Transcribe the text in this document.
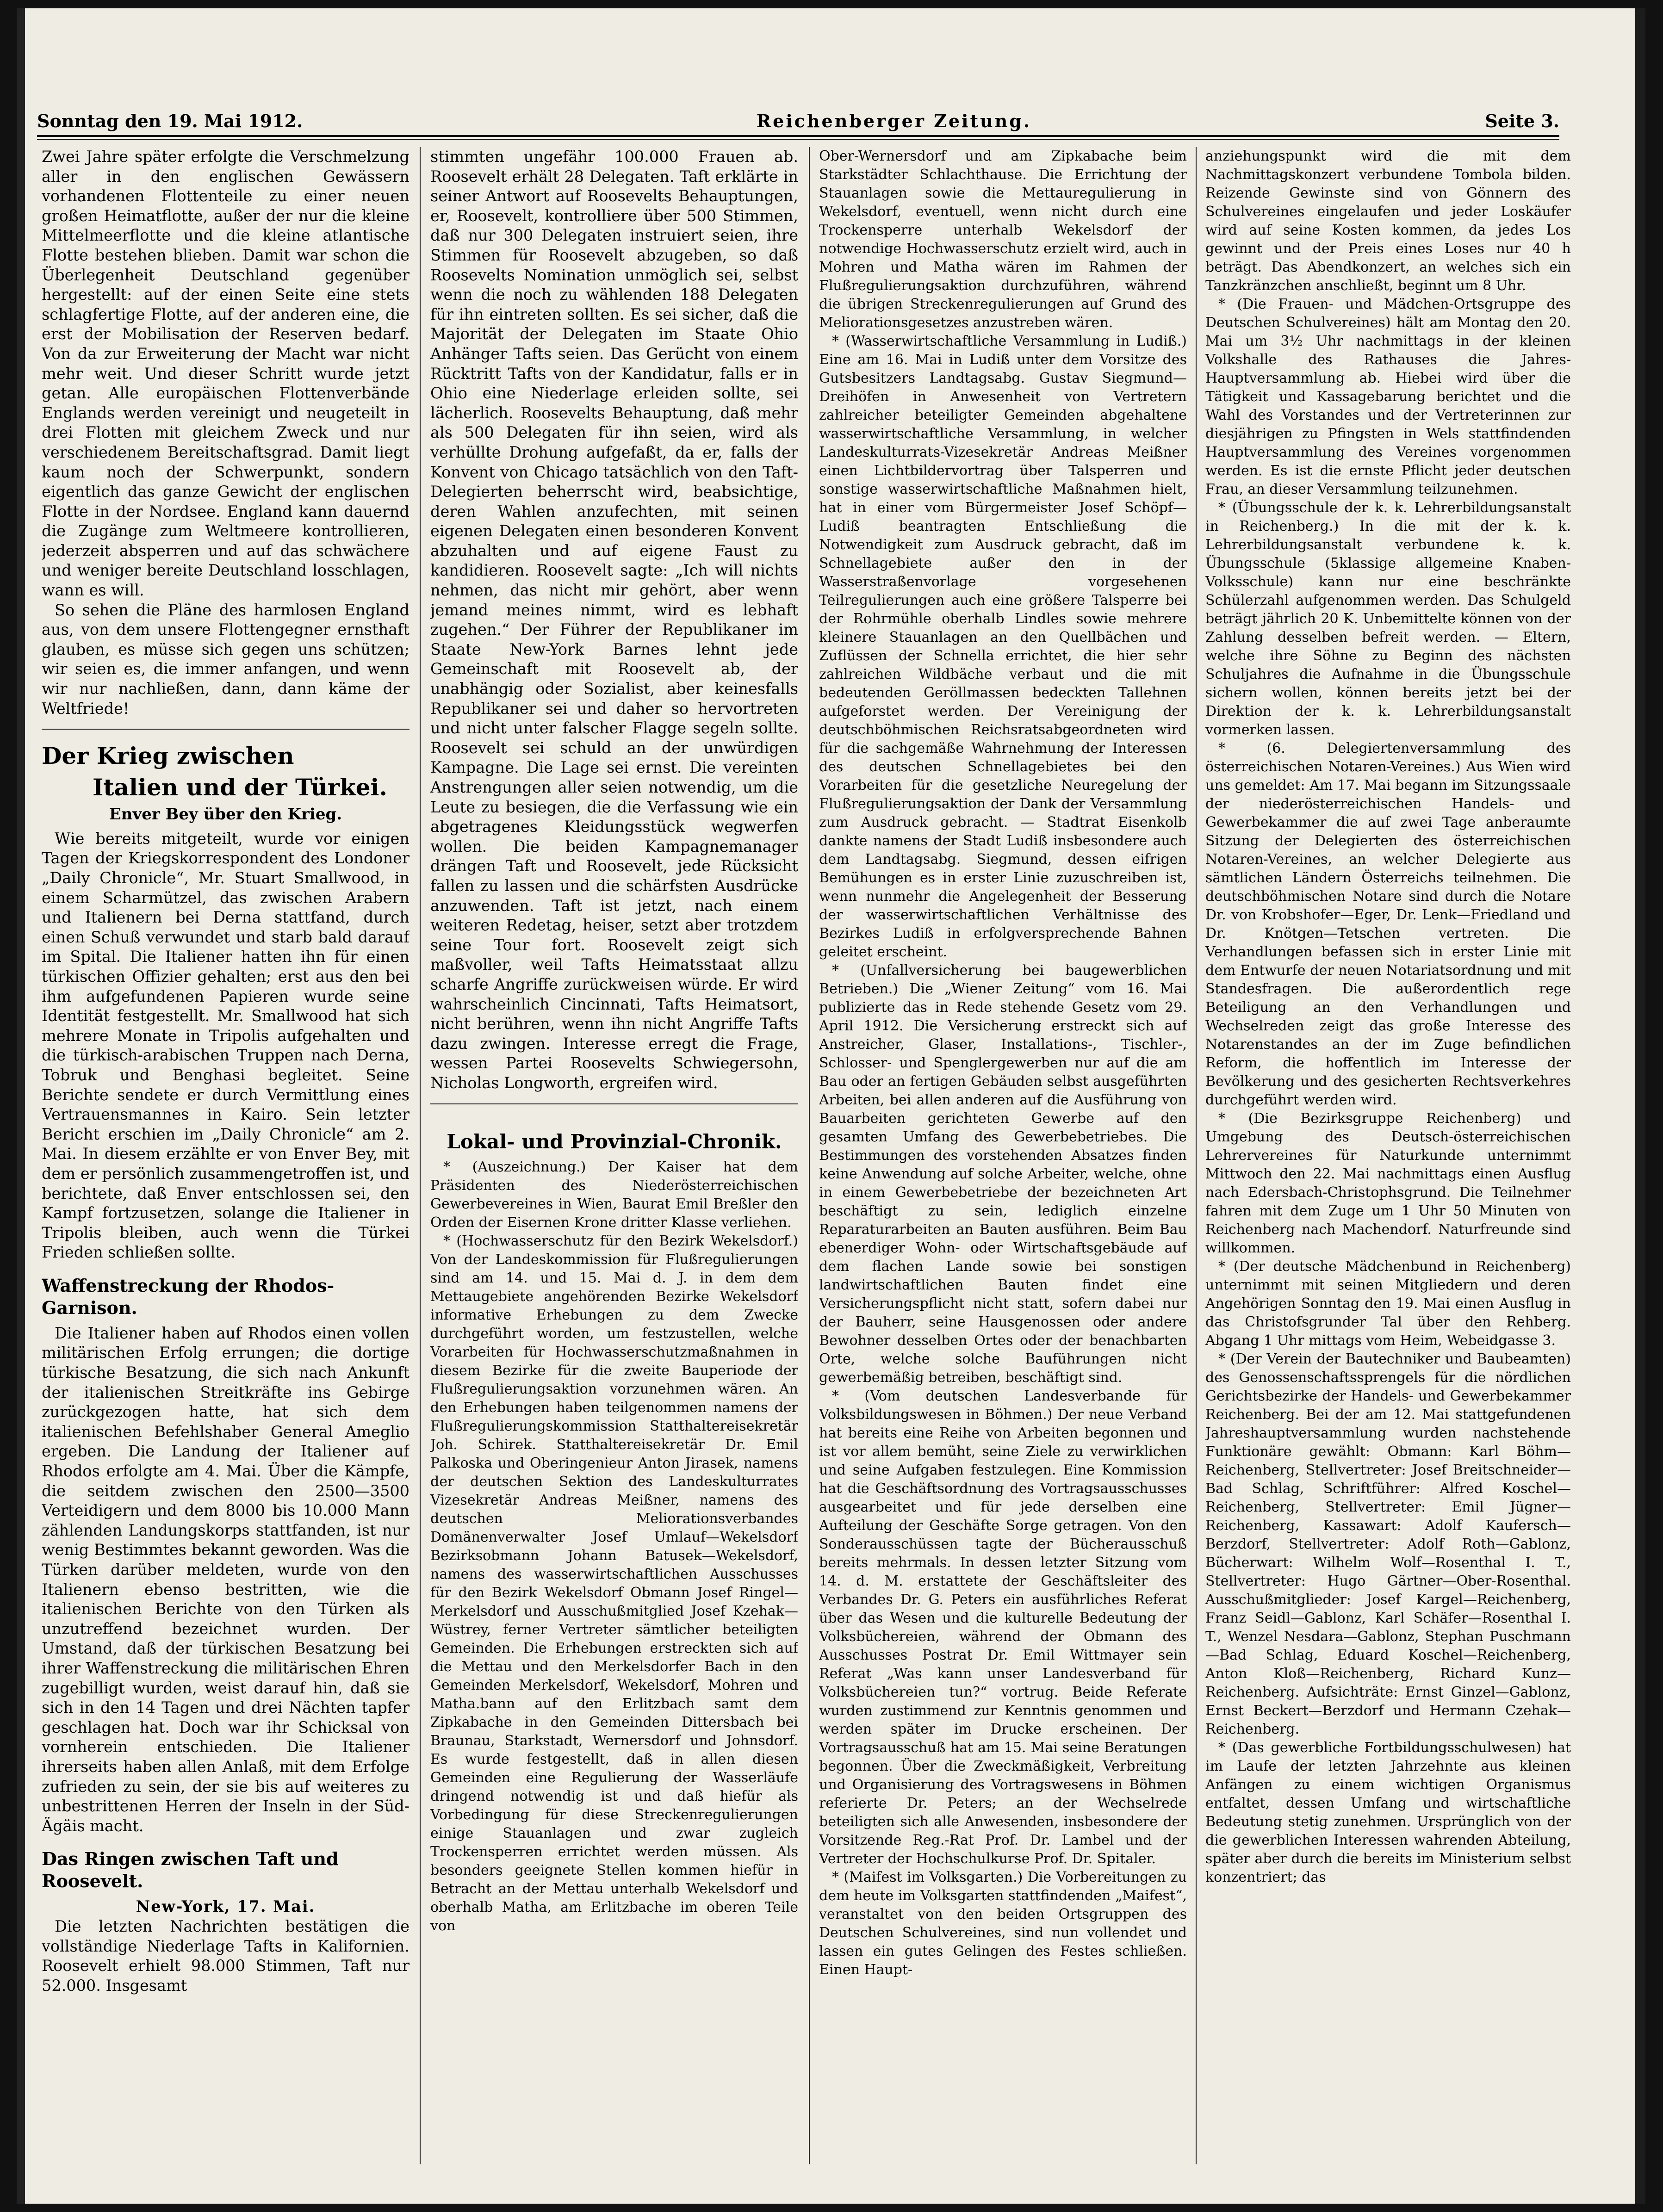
Sonntag den 19. Mai 1912.	Reichenberger Zeitung.	Seite 3.

Zwei Jahre später erfolgte die Verschmelzung aller in den englischen Gewässern vorhandenen Flottenteile zu einer neuen großen Heimatflotte, außer der nur die kleine Mittelmeerflotte und die kleine atlantische Flotte bestehen blieben. Damit war schon die Überlegenheit Deutschland gegenüber hergestellt: auf der einen Seite eine stets schlagfertige Flotte, auf der anderen eine, die erst der Mobilisation der Reserven bedarf. Von da zur Erweiterung der Macht war nicht mehr weit. Und dieser Schritt wurde jetzt getan. Alle europäischen Flottenverbände Englands werden vereinigt und neugeteilt in drei Flotten mit gleichem Zweck und nur verschiedenem Bereitschaftsgrad. Damit liegt kaum noch der Schwerpunkt, sondern eigentlich das ganze Gewicht der englischen Flotte in der Nordsee. England kann dauernd die Zugänge zum Weltmeere kontrollieren, jederzeit absperren und auf das schwächere und weniger bereite Deutschland losschlagen, wann es will.

So sehen die Pläne des harmlosen England aus, von dem unsere Flottengegner ernsthaft glauben, es müsse sich gegen uns schützen; wir seien es, die immer anfangen, und wenn wir nur nachließen, dann, dann käme der Weltfriede!

Der Krieg zwischen
Italien und der Türkei.
Enver Bey über den Krieg.

Wie bereits mitgeteilt, wurde vor einigen Tagen der Kriegskorrespondent des Londoner „Daily Chronicle“, Mr. Stuart Smallwood, in einem Scharmützel, das zwischen Arabern und Italienern bei Derna stattfand, durch einen Schuß verwundet und starb bald darauf im Spital. Die Italiener hatten ihn für einen türkischen Offizier gehalten; erst aus den bei ihm aufgefundenen Papieren wurde seine Identität festgestellt. Mr. Smallwood hat sich mehrere Monate in Tripolis aufgehalten und die türkisch-arabischen Truppen nach Derna, Tobruk und Benghasi begleitet. Seine Berichte sendete er durch Vermittlung eines Vertrauensmannes in Kairo. Sein letzter Bericht erschien im „Daily Chronicle“ am 2. Mai. In diesem erzählte er von Enver Bey, mit dem er persönlich zusammengetroffen ist, und berichtete, daß Enver entschlossen sei, den Kampf fortzusetzen, solange die Italiener in Tripolis bleiben, auch wenn die Türkei Frieden schließen sollte.

Waffenstreckung der Rhodos-Garnison.

Die Italiener haben auf Rhodos einen vollen militärischen Erfolg errungen; die dortige türkische Besatzung, die sich nach Ankunft der italienischen Streitkräfte ins Gebirge zurückgezogen hatte, hat sich dem italienischen Befehlshaber General Ameglio ergeben. Die Landung der Italiener auf Rhodos erfolgte am 4. Mai. Über die Kämpfe, die seitdem zwischen den 2500—3500 Verteidigern und dem 8000 bis 10.000 Mann zählenden Landungskorps stattfanden, ist nur wenig Bestimmtes bekannt geworden. Was die Türken darüber meldeten, wurde von den Italienern ebenso bestritten, wie die italienischen Berichte von den Türken als unzutreffend bezeichnet wurden. Der Umstand, daß der türkischen Besatzung bei ihrer Waffenstreckung die militärischen Ehren zugebilligt wurden, weist darauf hin, daß sie sich in den 14 Tagen und drei Nächten tapfer geschlagen hat. Doch war ihr Schicksal von vornherein entschieden. Die Italiener ihrerseits haben allen Anlaß, mit dem Erfolge zufrieden zu sein, der sie bis auf weiteres zu unbestrittenen Herren der Inseln in der Süd-Ägäis macht.

Das Ringen zwischen Taft und Roosevelt.

New-York, 17. Mai.

Die letzten Nachrichten bestätigen die vollständige Niederlage Tafts in Kalifornien. Roosevelt erhielt 98.000 Stimmen, Taft nur 52.000. Insgesamt

stimmten ungefähr 100.000 Frauen ab. Roosevelt erhält 28 Delegaten. Taft erklärte in seiner Antwort auf Roosevelts Behauptungen, er, Roosevelt, kontrolliere über 500 Stimmen, daß nur 300 Delegaten instruiert seien, ihre Stimmen für Roosevelt abzugeben, so daß Roosevelts Nomination unmöglich sei, selbst wenn die noch zu wählenden 188 Delegaten für ihn eintreten sollten. Es sei sicher, daß die Majorität der Delegaten im Staate Ohio Anhänger Tafts seien. Das Gerücht von einem Rücktritt Tafts von der Kandidatur, falls er in Ohio eine Niederlage erleiden sollte, sei lächerlich. Roosevelts Behauptung, daß mehr als 500 Delegaten für ihn seien, wird als verhüllte Drohung aufgefaßt, da er, falls der Konvent von Chicago tatsächlich von den Taft-Delegierten beherrscht wird, beabsichtige, deren Wahlen anzufechten, mit seinen eigenen Delegaten einen besonderen Konvent abzuhalten und auf eigene Faust zu kandidieren. Roosevelt sagte: „Ich will nichts nehmen, das nicht mir gehört, aber wenn jemand meines nimmt, wird es lebhaft zugehen.“ Der Führer der Republikaner im Staate New-York Barnes lehnt jede Gemeinschaft mit Roosevelt ab, der unabhängig oder Sozialist, aber keinesfalls Republikaner sei und daher so hervortreten und nicht unter falscher Flagge segeln sollte. Roosevelt sei schuld an der unwürdigen Kampagne. Die Lage sei ernst. Die vereinten Anstrengungen aller seien notwendig, um die Leute zu besiegen, die die Verfassung wie ein abgetragenes Kleidungsstück wegwerfen wollen. Die beiden Kampagnemanager drängen Taft und Roosevelt, jede Rücksicht fallen zu lassen und die schärfsten Ausdrücke anzuwenden. Taft ist jetzt, nach einem weiteren Redetag, heiser, setzt aber trotzdem seine Tour fort. Roosevelt zeigt sich maßvoller, weil Tafts Heimatsstaat allzu scharfe Angriffe zurückweisen würde. Er wird wahrscheinlich Cincinnati, Tafts Heimatsort, nicht berühren, wenn ihn nicht Angriffe Tafts dazu zwingen. Interesse erregt die Frage, wessen Partei Roosevelts Schwiegersohn, Nicholas Longworth, ergreifen wird.

Lokal- und Provinzial-Chronik.

* (Auszeichnung.) Der Kaiser hat dem Präsidenten des Niederösterreichischen Gewerbevereines in Wien, Baurat Emil Breßler den Orden der Eisernen Krone dritter Klasse verliehen.

* (Hochwasserschutz für den Bezirk Wekelsdorf.) Von der Landeskommission für Flußregulierungen sind am 14. und 15. Mai d. J. in dem dem Mettaugebiete angehörenden Bezirke Wekelsdorf informative Erhebungen zu dem Zwecke durchgeführt worden, um festzustellen, welche Vorarbeiten für Hochwasserschutzmaßnahmen in diesem Bezirke für die zweite Bauperiode der Flußregulierungsaktion vorzunehmen wären. An den Erhebungen haben teilgenommen namens der Flußregulierungskommission Statthaltereisekretär Joh. Schirek. Statthaltereisekretär Dr. Emil Palkoska und Oberingenieur Anton Jirasek, namens der deutschen Sektion des Landeskulturrates Vizesekretär Andreas Meißner, namens des deutschen Meliorationsverbandes Domänenverwalter Josef Umlauf—Wekelsdorf Bezirksobmann Johann Batusek—Wekelsdorf, namens des wasserwirtschaftlichen Ausschusses für den Bezirk Wekelsdorf Obmann Josef Ringel—Merkelsdorf und Ausschußmitglied Josef Kzehak—Wüstrey, ferner Vertreter sämtlicher beteiligten Gemeinden. Die Erhebungen erstreckten sich auf die Mettau und den Merkelsdorfer Bach in den Gemeinden Merkelsdorf, Wekelsdorf, Mohren und Matha.bann auf den Erlitzbach samt dem Zipkabache in den Gemeinden Dittersbach bei Braunau, Starkstadt, Wernersdorf und Johnsdorf. Es wurde festgestellt, daß in allen diesen Gemeinden eine Regulierung der Wasserläufe dringend notwendig ist und daß hiefür als Vorbedingung für diese Streckenregulierungen einige Stauanlagen und zwar zugleich Trockensperren errichtet werden müssen. Als besonders geeignete Stellen kommen hiefür in Betracht an der Mettau unterhalb Wekelsdorf und oberhalb Matha, am Erlitzbache im oberen Teile von

Ober-Wernersdorf und am Zipkabache beim Starkstädter Schlachthause. Die Errichtung der Stauanlagen sowie die Mettauregulierung in Wekelsdorf, eventuell, wenn nicht durch eine Trockensperre unterhalb Wekelsdorf der notwendige Hochwasserschutz erzielt wird, auch in Mohren und Matha wären im Rahmen der Flußregulierungsaktion durchzuführen, während die übrigen Streckenregulierungen auf Grund des Meliorationsgesetzes anzustreben wären.

* (Wasserwirtschaftliche Versammlung in Ludiß.) Eine am 16. Mai in Ludiß unter dem Vorsitze des Gutsbesitzers Landtagsabg. Gustav Siegmund—Dreihöfen in Anwesenheit von Vertretern zahlreicher beteiligter Gemeinden abgehaltene wasserwirtschaftliche Versammlung, in welcher Landeskulturrats-Vizesekretär Andreas Meißner einen Lichtbildervortrag über Talsperren und sonstige wasserwirtschaftliche Maßnahmen hielt, hat in einer vom Bürgermeister Josef Schöpf—Ludiß beantragten Entschließung die Notwendigkeit zum Ausdruck gebracht, daß im Schnellagebiete außer den in der Wasserstraßenvorlage vorgesehenen Teilregulierungen auch eine größere Talsperre bei der Rohrmühle oberhalb Lindles sowie mehrere kleinere Stauanlagen an den Quellbächen und Zuflüssen der Schnella errichtet, die hier sehr zahlreichen Wildbäche verbaut und die mit bedeutenden Geröllmassen bedeckten Tallehnen aufgeforstet werden. Der Vereinigung der deutschböhmischen Reichsratsabgeordneten wird für die sachgemäße Wahrnehmung der Interessen des deutschen Schnellagebietes bei den Vorarbeiten für die gesetzliche Neuregelung der Flußregulierungsaktion der Dank der Versammlung zum Ausdruck gebracht. — Stadtrat Eisenkolb dankte namens der Stadt Ludiß insbesondere auch dem Landtagsabg. Siegmund, dessen eifrigen Bemühungen es in erster Linie zuzuschreiben ist, wenn nunmehr die Angelegenheit der Besserung der wasserwirtschaftlichen Verhältnisse des Bezirkes Ludiß in erfolgversprechende Bahnen geleitet erscheint.

* (Unfallversicherung bei baugewerblichen Betrieben.) Die „Wiener Zeitung“ vom 16. Mai publizierte das in Rede stehende Gesetz vom 29. April 1912. Die Versicherung erstreckt sich auf Anstreicher, Glaser, Installations-, Tischler-, Schlosser- und Spenglergewerben nur auf die am Bau oder an fertigen Gebäuden selbst ausgeführten Arbeiten, bei allen anderen auf die Ausführung von Bauarbeiten gerichteten Gewerbe auf den gesamten Umfang des Gewerbebetriebes. Die Bestimmungen des vorstehenden Absatzes finden keine Anwendung auf solche Arbeiter, welche, ohne in einem Gewerbebetriebe der bezeichneten Art beschäftigt zu sein, lediglich einzelne Reparaturarbeiten an Bauten ausführen. Beim Bau ebenerdiger Wohn- oder Wirtschaftsgebäude auf dem flachen Lande sowie bei sonstigen landwirtschaftlichen Bauten findet eine Versicherungspflicht nicht statt, sofern dabei nur der Bauherr, seine Hausgenossen oder andere Bewohner desselben Ortes oder der benachbarten Orte, welche solche Bauführungen nicht gewerbemäßig betreiben, beschäftigt sind.

* (Vom deutschen Landesverbande für Volksbildungswesen in Böhmen.) Der neue Verband hat bereits eine Reihe von Arbeiten begonnen und ist vor allem bemüht, seine Ziele zu verwirklichen und seine Aufgaben festzulegen. Eine Kommission hat die Geschäftsordnung des Vortragsausschusses ausgearbeitet und für jede derselben eine Aufteilung der Geschäfte Sorge getragen. Von den Sonderausschüssen tagte der Bücherausschuß bereits mehrmals. In dessen letzter Sitzung vom 14. d. M. erstattete der Geschäftsleiter des Verbandes Dr. G. Peters ein ausführliches Referat über das Wesen und die kulturelle Bedeutung der Volksbüchereien, während der Obmann des Ausschusses Postrat Dr. Emil Wittmayer sein Referat „Was kann unser Landesverband für Volksbüchereien tun?“ vortrug. Beide Referate wurden zustimmend zur Kenntnis genommen und werden später im Drucke erscheinen. Der Vortragsausschuß hat am 15. Mai seine Beratungen begonnen. Über die Zweckmäßigkeit, Verbreitung und Organisierung des Vortragswesens in Böhmen referierte Dr. Peters; an der Wechselrede beteiligten sich alle Anwesenden, insbesondere der Vorsitzende Reg.-Rat Prof. Dr. Lambel und der Vertreter der Hochschulkurse Prof. Dr. Spitaler.

* (Maifest im Volksgarten.) Die Vorbereitungen zu dem heute im Volksgarten stattfindenden „Maifest“, veranstaltet von den beiden Ortsgruppen des Deutschen Schulvereines, sind nun vollendet und lassen ein gutes Gelingen des Festes schließen. Einen Haupt-

anziehungspunkt wird die mit dem Nachmittagskonzert verbundene Tombola bilden. Reizende Gewinste sind von Gönnern des Schulvereines eingelaufen und jeder Loskäufer wird auf seine Kosten kommen, da jedes Los gewinnt und der Preis eines Loses nur 40 h beträgt. Das Abendkonzert, an welches sich ein Tanzkränzchen anschließt, beginnt um 8 Uhr.

* (Die Frauen- und Mädchen-Ortsgruppe des Deutschen Schulvereines) hält am Montag den 20. Mai um 3½ Uhr nachmittags in der kleinen Volkshalle des Rathauses die Jahres-Hauptversammlung ab. Hiebei wird über die Tätigkeit und Kassagebarung berichtet und die Wahl des Vorstandes und der Vertreterinnen zur diesjährigen zu Pfingsten in Wels stattfindenden Hauptversammlung des Vereines vorgenommen werden. Es ist die ernste Pflicht jeder deutschen Frau, an dieser Versammlung teilzunehmen.

* (Übungsschule der k. k. Lehrerbildungsanstalt in Reichenberg.) In die mit der k. k. Lehrerbildungsanstalt verbundene k. k. Übungsschule (5klassige allgemeine Knaben-Volksschule) kann nur eine beschränkte Schülerzahl aufgenommen werden. Das Schulgeld beträgt jährlich 20 K. Unbemittelte können von der Zahlung desselben befreit werden. — Eltern, welche ihre Söhne zu Beginn des nächsten Schuljahres die Aufnahme in die Übungsschule sichern wollen, können bereits jetzt bei der Direktion der k. k. Lehrerbildungsanstalt vormerken lassen.

* (6. Delegiertenversammlung des österreichischen Notaren-Vereines.) Aus Wien wird uns gemeldet: Am 17. Mai begann im Sitzungssaale der niederösterreichischen Handels- und Gewerbekammer die auf zwei Tage anberaumte Sitzung der Delegierten des österreichischen Notaren-Vereines, an welcher Delegierte aus sämtlichen Ländern Österreichs teilnehmen. Die deutschböhmischen Notare sind durch die Notare Dr. von Krobshofer—Eger, Dr. Lenk—Friedland und Dr. Knötgen—Tetschen vertreten. Die Verhandlungen befassen sich in erster Linie mit dem Entwurfe der neuen Notariatsordnung und mit Standesfragen. Die außerordentlich rege Beteiligung an den Verhandlungen und Wechselreden zeigt das große Interesse des Notarenstandes an der im Zuge befindlichen Reform, die hoffentlich im Interesse der Bevölkerung und des gesicherten Rechtsverkehres durchgeführt werden wird.

* (Die Bezirksgruppe Reichenberg) und Umgebung des Deutsch-österreichischen Lehrervereines für Naturkunde unternimmt Mittwoch den 22. Mai nachmittags einen Ausflug nach Edersbach-Christophsgrund. Die Teilnehmer fahren mit dem Zuge um 1 Uhr 50 Minuten von Reichenberg nach Machendorf. Naturfreunde sind willkommen.

* (Der deutsche Mädchenbund in Reichenberg) unternimmt mit seinen Mitgliedern und deren Angehörigen Sonntag den 19. Mai einen Ausflug in das Christofsgrunder Tal über den Rehberg. Abgang 1 Uhr mittags vom Heim, Webeidgasse 3.

* (Der Verein der Bautechniker und Baubeamten) des Genossenschaftssprengels für die nördlichen Gerichtsbezirke der Handels- und Gewerbekammer Reichenberg. Bei der am 12. Mai stattgefundenen Jahreshauptversammlung wurden nachstehende Funktionäre gewählt: Obmann: Karl Böhm—Reichenberg, Stellvertreter: Josef Breitschneider—Bad Schlag, Schriftführer: Alfred Koschel—Reichenberg, Stellvertreter: Emil Jügner—Reichenberg, Kassawart: Adolf Kaufersch—Berzdorf, Stellvertreter: Adolf Roth—Gablonz, Bücherwart: Wilhelm Wolf—Rosenthal I. T., Stellvertreter: Hugo Gärtner—Ober-Rosenthal. Ausschußmitglieder: Josef Kargel—Reichenberg, Franz Seidl—Gablonz, Karl Schäfer—Rosenthal I. T., Wenzel Nesdara—Gablonz, Stephan Puschmann—Bad Schlag, Eduard Koschel—Reichenberg, Anton Kloß—Reichenberg, Richard Kunz—Reichenberg. Aufsichträte: Ernst Ginzel—Gablonz, Ernst Beckert—Berzdorf und Hermann Czehak—Reichenberg.

* (Das gewerbliche Fortbildungsschulwesen) hat im Laufe der letzten Jahrzehnte aus kleinen Anfängen zu einem wichtigen Organismus entfaltet, dessen Umfang und wirtschaftliche Bedeutung stetig zunehmen. Ursprünglich von der die gewerblichen Interessen wahrenden Abteilung, später aber durch die bereits im Ministerium selbst konzentriert; das
